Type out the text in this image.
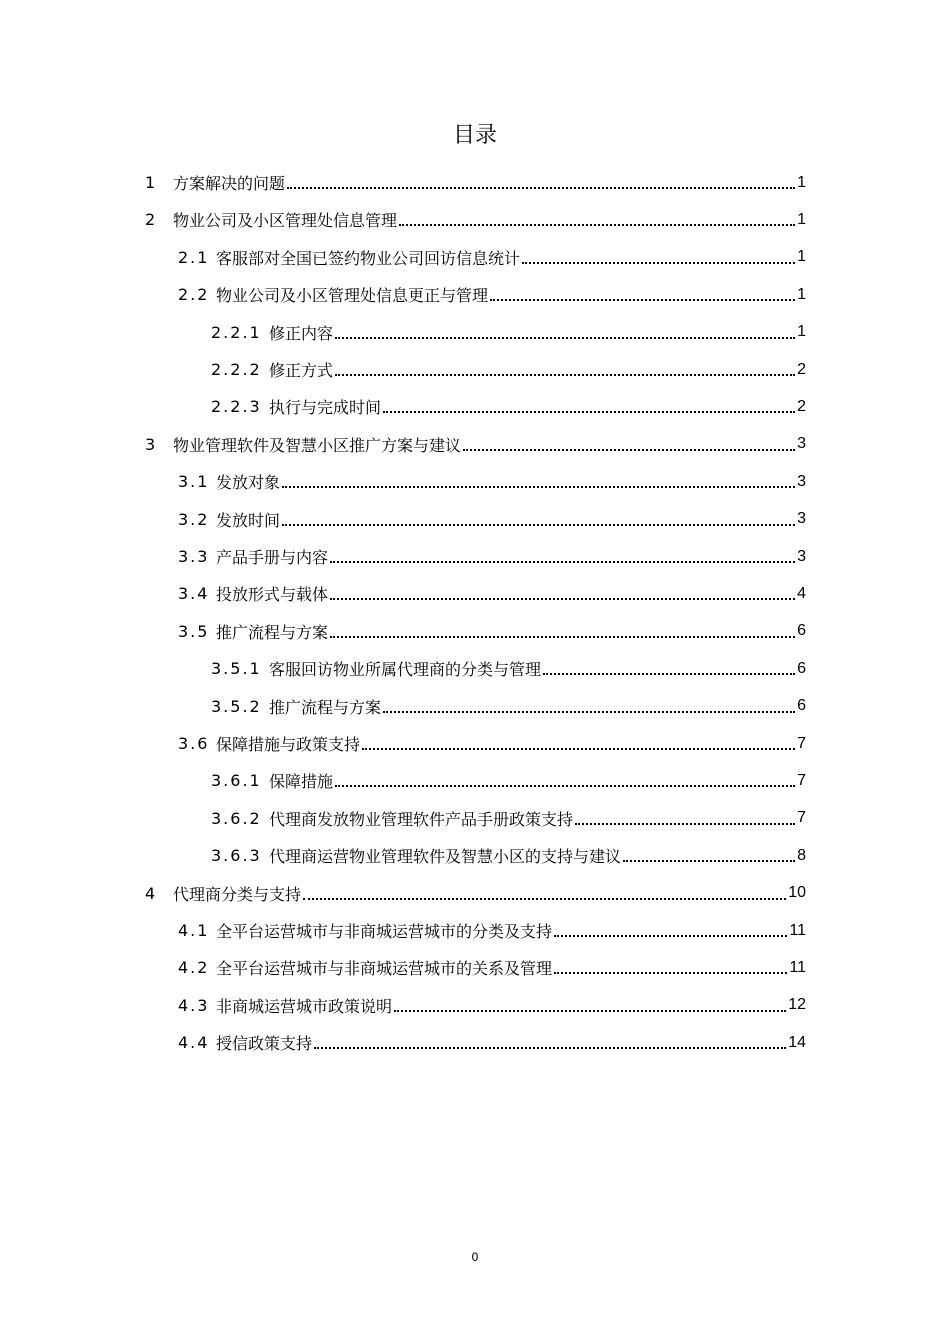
目录
1 方案解决的问题	1
2 物业公司及小区管理处信息管理	1
2.1 客服部对全国已签约物业公司回访信息统计	1
2.2 物业公司及小区管理处信息更正与管理	1
2.2.1 修正内容	1
2.2.2 修正方式	2
2.2.3 执行与完成时间	2
3 物业管理软件及智慧小区推广方案与建议	3
3.1 发放对象	3
3.2 发放时间	3
3.3 产品手册与内容	3
3.4 投放形式与载体	4
3.5 推广流程与方案	6
3.5.1 客服回访物业所属代理商的分类与管理	6
3.5.2 推广流程与方案	6
3.6 保障措施与政策支持	7
3.6.1 保障措施	7
3.6.2 代理商发放物业管理软件产品手册政策支持	7
3.6.3 代理商运营物业管理软件及智慧小区的支持与建议	8
4 代理商分类与支持	10
4.1 全平台运营城市与非商城运营城市的分类及支持	11
4.2 全平台运营城市与非商城运营城市的关系及管理	11
4.3 非商城运营城市政策说明	12
4.4 授信政策支持	14
0
